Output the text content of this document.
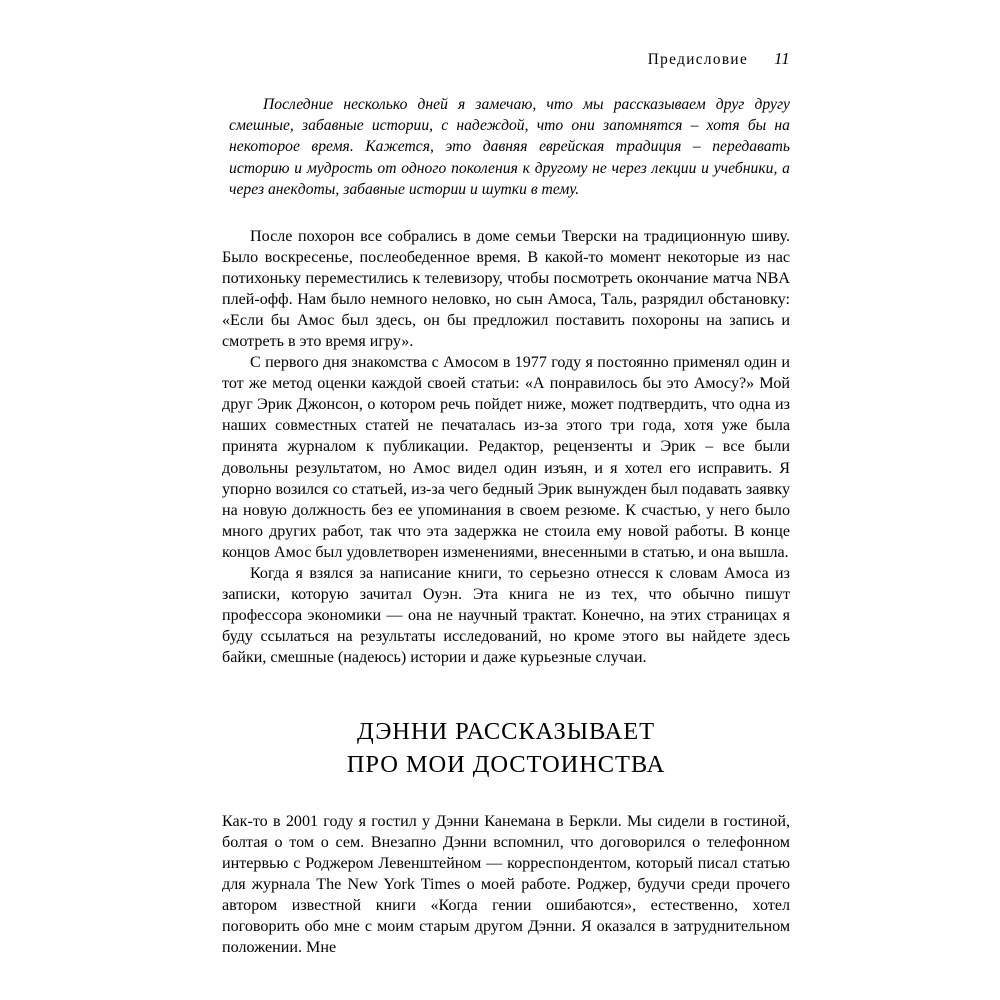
Предисловие 11

Последние несколько дней я замечаю, что мы рассказываем друг другу смешные, забавные истории, с надеждой, что они запомнятся – хотя бы на некоторое время. Кажется, это давняя еврейская традиция – передавать историю и мудрость от одного поколения к другому не через лекции и учебники, а через анекдоты, забавные истории и шутки в тему.

После похорон все собрались в доме семьи Тверски на традиционную шиву. Было воскресенье, послеобеденное время. В какой-то момент некоторые из нас потихоньку переместились к телевизору, чтобы посмотреть окончание матча NBA плей-офф. Нам было немного неловко, но сын Амоса, Таль, разрядил обстановку: «Если бы Амос был здесь, он бы предложил поставить похороны на запись и смотреть в это время игру».

С первого дня знакомства с Амосом в 1977 году я постоянно применял один и тот же метод оценки каждой своей статьи: «А понравилось бы это Амосу?» Мой друг Эрик Джонсон, о котором речь пойдет ниже, может подтвердить, что одна из наших совместных статей не печаталась из-за этого три года, хотя уже была принята журналом к публикации. Редактор, рецензенты и Эрик – все были довольны результатом, но Амос видел один изъян, и я хотел его исправить. Я упорно возился со статьей, из-за чего бедный Эрик вынужден был подавать заявку на новую должность без ее упоминания в своем резюме. К счастью, у него было много других работ, так что эта задержка не стоила ему новой работы. В конце концов Амос был удовлетворен изменениями, внесенными в статью, и она вышла.

Когда я взялся за написание книги, то серьезно отнесся к словам Амоса из записки, которую зачитал Оуэн. Эта книга не из тех, что обычно пишут профессора экономики — она не научный трактат. Конечно, на этих страницах я буду ссылаться на результаты исследований, но кроме этого вы найдете здесь байки, смешные (надеюсь) истории и даже курьезные случаи.

ДЭННИ РАССКАЗЫВАЕТ
ПРО МОИ ДОСТОИНСТВА

Как-то в 2001 году я гостил у Дэнни Канемана в Беркли. Мы сидели в гостиной, болтая о том о сем. Внезапно Дэнни вспомнил, что договорился о телефонном интервью с Роджером Левенштейном — корреспондентом, который писал статью для журнала The New York Times о моей работе. Роджер, будучи среди прочего автором известной книги «Когда гении ошибаются», естественно, хотел поговорить обо мне с моим старым другом Дэнни. Я оказался в затруднительном положении. Мне
